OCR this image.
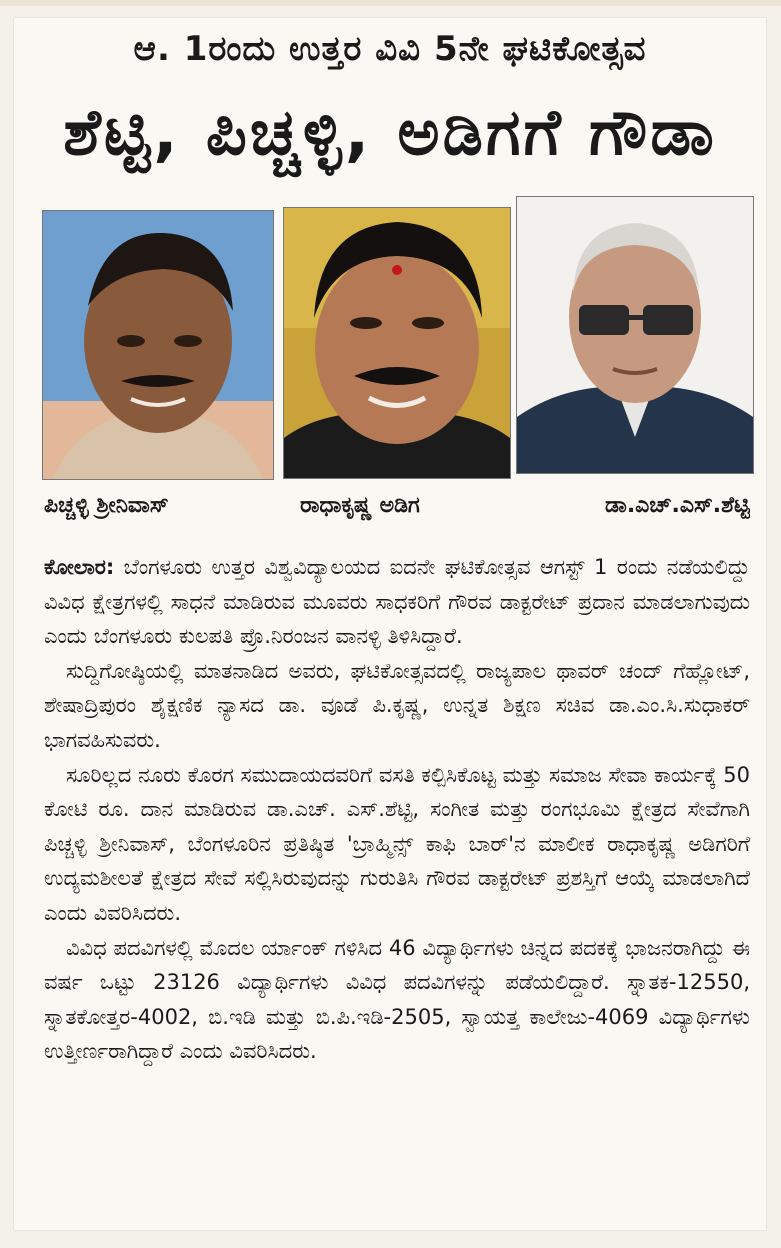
ಆ. 1ರಂದು ಉತ್ತರ ವಿವಿ 5ನೇ ಘಟಿಕೋತ್ಸವ
ಶೆಟ್ಟಿ, ಪಿಚ್ಚಳ್ಳಿ, ಅಡಿಗಗೆ ಗೌಡಾ
ಪಿಚ್ಚಳ್ಳಿ ಶ್ರೀನಿವಾಸ್	ರಾಧಾಕೃಷ್ಣ ಅಡಿಗ	ಡಾ.ಎಚ್.ಎಸ್.ಶೆಟ್ಟಿ

ಕೋಲಾರ: ಬೆಂಗಳೂರು ಉತ್ತರ ವಿಶ್ವವಿದ್ಯಾಲಯದ ಐದನೇ ಘಟಿಕೋತ್ಸವ ಆಗಸ್ಟ್ 1 ರಂದು ನಡೆಯಲಿದ್ದು ವಿವಿಧ ಕ್ಷೇತ್ರಗಳಲ್ಲಿ ಸಾಧನೆ ಮಾಡಿರುವ ಮೂವರು ಸಾಧಕರಿಗೆ ಗೌರವ ಡಾಕ್ಟರೇಟ್ ಪ್ರದಾನ ಮಾಡಲಾಗುವುದು ಎಂದು ಬೆಂಗಳೂರು ಕುಲಪತಿ ಪ್ರೊ.ನಿರಂಜನ ವಾನಳ್ಳಿ ತಿಳಿಸಿದ್ದಾರೆ.

ಸುದ್ದಿಗೋಷ್ಠಿಯಲ್ಲಿ ಮಾತನಾಡಿದ ಅವರು, ಘಟಿಕೋತ್ಸವದಲ್ಲಿ ರಾಜ್ಯಪಾಲ ಥಾವರ್ ಚಂದ್ ಗೆಹ್ಲೋಟ್, ಶೇಷಾದ್ರಿಪುರಂ ಶೈಕ್ಷಣಿಕ ನ್ಯಾಸದ ಡಾ. ವೂಡೆ ಪಿ.ಕೃಷ್ಣ, ಉನ್ನತ ಶಿಕ್ಷಣ ಸಚಿವ ಡಾ.ಎಂ.ಸಿ.ಸುಧಾಕರ್ ಭಾಗವಹಿಸುವರು.

ಸೂರಿಲ್ಲದ ನೂರು ಕೊರಗ ಸಮುದಾಯದವರಿಗೆ ವಸತಿ ಕಲ್ಪಿಸಿಕೊಟ್ಟ ಮತ್ತು ಸಮಾಜ ಸೇವಾ ಕಾರ್ಯಕ್ಕೆ 50 ಕೋಟಿ ರೂ. ದಾನ ಮಾಡಿರುವ ಡಾ.ಎಚ್. ಎಸ್.ಶೆಟ್ಟಿ, ಸಂಗೀತ ಮತ್ತು ರಂಗಭೂಮಿ ಕ್ಷೇತ್ರದ ಸೇವೆಗಾಗಿ ಪಿಚ್ಚಳ್ಳಿ ಶ್ರೀನಿವಾಸ್, ಬೆಂಗಳೂರಿನ ಪ್ರತಿಷ್ಠಿತ 'ಬ್ರಾಹ್ಮಿನ್ಸ್ ಕಾಫಿ ಬಾರ್'ನ ಮಾಲೀಕ ರಾಧಾಕೃಷ್ಣ ಅಡಿಗರಿಗೆ ಉದ್ಯಮಶೀಲತೆ ಕ್ಷೇತ್ರದ ಸೇವೆ ಸಲ್ಲಿಸಿರುವುದನ್ನು ಗುರುತಿಸಿ ಗೌರವ ಡಾಕ್ಟರೇಟ್ ಪ್ರಶಸ್ತಿಗೆ ಆಯ್ಕೆ ಮಾಡಲಾಗಿದೆ ಎಂದು ವಿವರಿಸಿದರು.

ವಿವಿಧ ಪದವಿಗಳಲ್ಲಿ ಮೊದಲ ರ್ಯಾಂಕ್ ಗಳಿಸಿದ 46 ವಿದ್ಯಾರ್ಥಿಗಳು ಚಿನ್ನದ ಪದಕಕ್ಕೆ ಭಾಜನರಾಗಿದ್ದು ಈ ವರ್ಷ ಒಟ್ಟು 23126 ವಿದ್ಯಾರ್ಥಿಗಳು ವಿವಿಧ ಪದವಿಗಳನ್ನು ಪಡೆಯಲಿದ್ದಾರೆ. ಸ್ನಾತಕ-12550, ಸ್ನಾತಕೋತ್ತರ-4002, ಬಿ.ಇಡಿ ಮತ್ತು ಬಿ.ಪಿ.ಇಡಿ-2505, ಸ್ವಾಯತ್ತ ಕಾಲೇಜು-4069 ವಿದ್ಯಾರ್ಥಿಗಳು ಉತ್ತೀರ್ಣರಾಗಿದ್ದಾರೆ ಎಂದು ವಿವರಿಸಿದರು.
